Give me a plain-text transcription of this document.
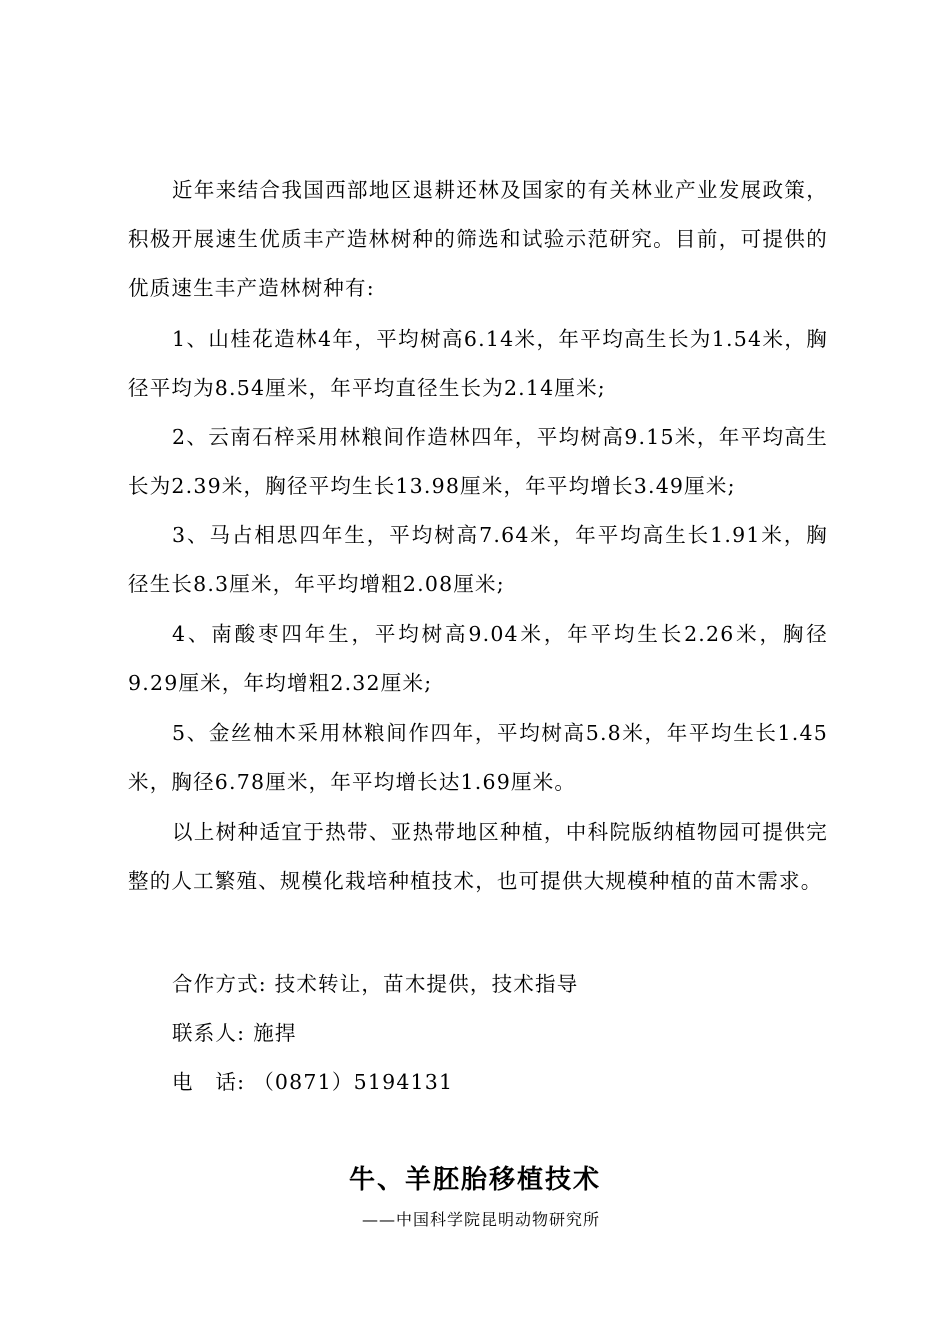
近年来结合我国西部地区退耕还林及国家的有关林业产业发展政策，积极开展速生优质丰产造林树种的筛选和试验示范研究。目前，可提供的优质速生丰产造林树种有:

1、山桂花造林4年，平均树高6.14米，年平均高生长为1.54米，胸径平均为8.54厘米，年平均直径生长为2.14厘米;

2、云南石梓采用林粮间作造林四年，平均树高9.15米，年平均高生长为2.39米，胸径平均生长13.98厘米，年平均增长3.49厘米;

3、马占相思四年生，平均树高7.64米，年平均高生长1.91米，胸径生长8.3厘米，年平均增粗2.08厘米;

4、南酸枣四年生，平均树高9.04米，年平均生长2.26米，胸径9.29厘米，年均增粗2.32厘米;

5、金丝柚木采用林粮间作四年，平均树高5.8米，年平均生长1.45米，胸径6.78厘米，年平均增长达1.69厘米。

以上树种适宜于热带、亚热带地区种植，中科院版纳植物园可提供完整的人工繁殖、规模化栽培种植技术，也可提供大规模种植的苗木需求。

合作方式: 技术转让，苗木提供，技术指导

联系人: 施捍

电　话: （0871）5194131

牛、羊胚胎移植技术

——中国科学院昆明动物研究所
